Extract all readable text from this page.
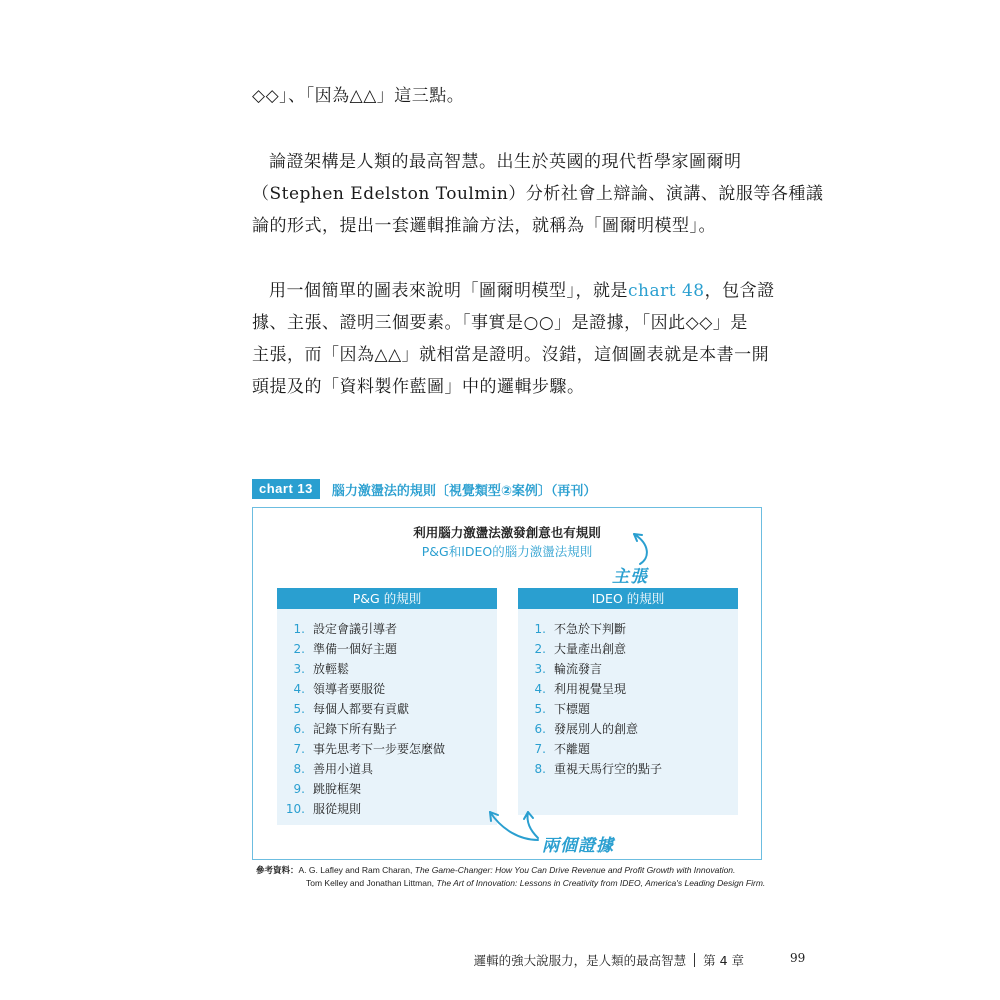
◇◇」、「因為△△」這三點。

論證架構是人類的最高智慧。出生於英國的現代哲學家圖爾明
（Stephen Edelston Toulmin）分析社會上辯論、演講、說服等各種議
論的形式，提出一套邏輯推論方法，就稱為「圖爾明模型」。

用一個簡單的圖表來說明「圖爾明模型」，就是chart 48，包含證
據、主張、證明三個要素。「事實是○○」是證據，「因此◇◇」是
主張，而「因為△△」就相當是證明。沒錯，這個圖表就是本書一開
頭提及的「資料製作藍圖」中的邏輯步驟。

chart 13	腦力激盪法的規則〔視覺類型②案例〕（再刊）
利用腦力激盪法激發創意也有規則
P&G和IDEO的腦力激盪法規則
主張
P&G 的規則
1. 設定會議引導者
2. 準備一個好主題
3. 放輕鬆
4. 領導者要服從
5. 每個人都要有貢獻
6. 記錄下所有點子
7. 事先思考下一步要怎麼做
8. 善用小道具
9. 跳脫框架
10. 服從規則
IDEO 的規則
1. 不急於下判斷
2. 大量產出創意
3. 輪流發言
4. 利用視覺呈現
5. 下標題
6. 發展別人的創意
7. 不離題
8. 重視天馬行空的點子
兩個證據
參考資料：A. G. Lafley and Ram Charan, The Game-Changer: How You Can Drive Revenue and Profit Growth with Innovation.
Tom Kelley and Jonathan Littman, The Art of Innovation: Lessons in Creativity from IDEO, America's Leading Design Firm.
邏輯的強大說服力，是人類的最高智慧 第 4 章	99
